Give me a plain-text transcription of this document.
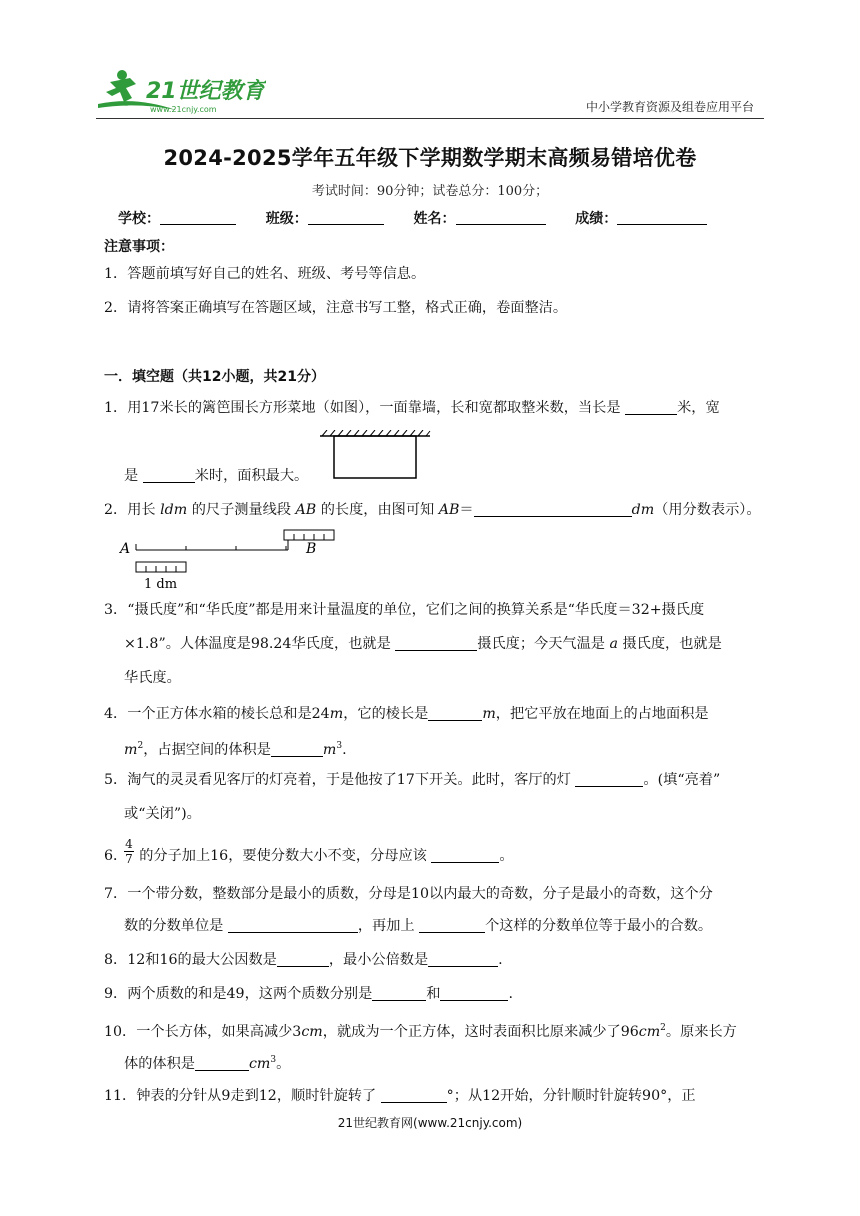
21世纪教育
www.21cnjy.com	中小学教育资源及组卷应用平台
2024-2025学年五年级下学期数学期末高频易错培优卷
考试时间：90分钟；试卷总分：100分；
学校：	班级：	姓名：	成绩：
注意事项：
1．答题前填写好自己的姓名、班级、考号等信息。
2．请将答案正确填写在答题区域，注意书写工整，格式正确，卷面整洁。
一．填空题（共12小题，共21分）
1．用17米长的篱笆围长方形菜地（如图），一面靠墙，长和宽都取整米数，当长是	米，宽
是	米时，面积最大。
2．用长 ldm 的尺子测量线段 AB 的长度，由图可知 AB＝	dm（用分数表示）。
A	B
1 dm
3．“摄氏度”和“华氏度”都是用来计量温度的单位，它们之间的换算关系是“华氏度＝32+摄氏度
×1.8”。人体温度是98.24华氏度，也就是	摄氏度；今天气温是 a 摄氏度，也就是
华氏度。
4．一个正方体水箱的棱长总和是24m，它的棱长是	m，把它平放在地面上的占地面积是
$m^2$，占据空间的体积是	$m^3$.
5．淘气的灵灵看见客厅的灯亮着，于是他按了17下开关。此时，客厅的灯	。(填“亮着”
或“关闭”)。
6． 的分子加上16，要使分数大小不变，分母应该	。
4
7
7．一个带分数，整数部分是最小的质数，分母是10以内最大的奇数，分子是最小的奇数，这个分
数的分数单位是	，再加上	个这样的分数单位等于最小的合数。
8．12和16的最大公因数是	，最小公倍数是	.
9．两个质数的和是49，这两个质数分别是	和	.
10．一个长方体，如果高减少3cm，就成为一个正方体，这时表面积比原来减少了$96cm^2$。原来长方
体的体积是	$cm^3$。
11．钟表的分针从9走到12，顺时针旋转了	°；从12开始，分针顺时针旋转90°，正
21世纪教育网(www.21cnjy.com)
